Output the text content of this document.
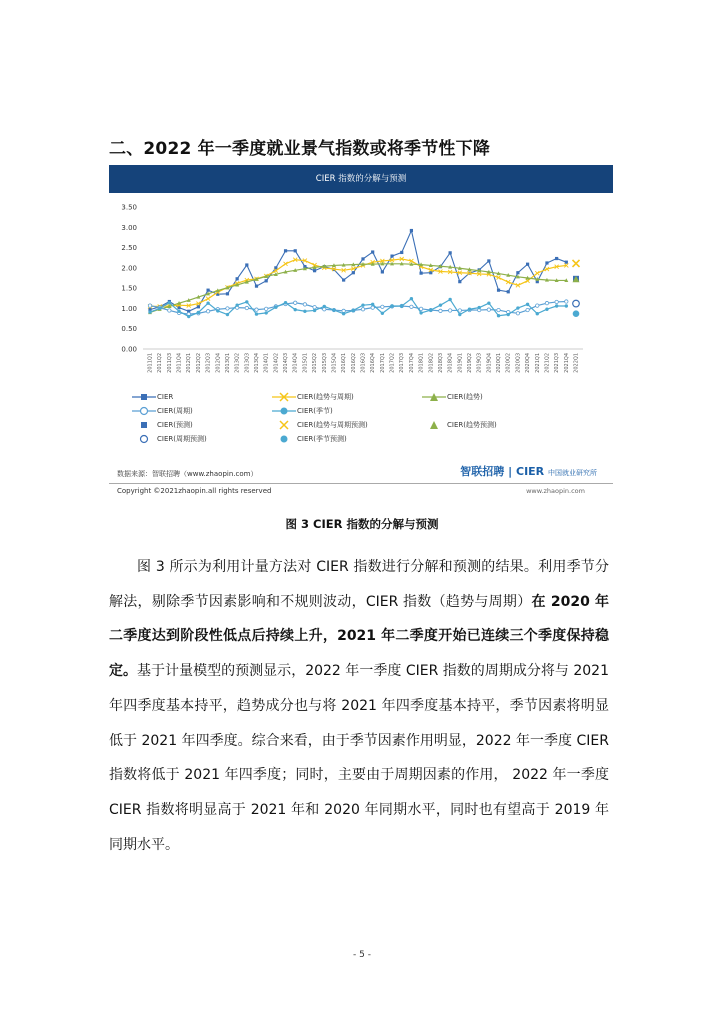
二、2022 年一季度就业景气指数或将季节性下降
CIER 指数的分解与预测
3.50
3.00
2.50
2.00
1.50
1.00
0.50
0.00
2011Q1 2011Q2 2011Q3 2011Q4 2012Q1 2012Q2 2012Q3 2012Q4 2013Q1 2013Q2 2013Q3 2013Q4 2014Q1 2014Q2 2014Q3 2014Q4 2015Q1 2015Q2 2015Q3 2015Q4 2016Q1 2016Q2 2016Q3 2016Q4 2017Q1 2017Q2 2017Q3 2017Q4 2018Q1 2018Q2 2018Q3 2018Q4 2019Q1 2019Q2 2019Q3 2019Q4 2020Q1 2020Q2 2020Q3 2020Q4 2021Q1 2021Q2 2021Q3 2021Q4 2022Q1
CIER	CIER(趋势与周期)	CIER(趋势)
CIER(周期)	CIER(季节)
CIER(预测)	CIER(趋势与周期预测)	CIER(趋势预测)
CIER(周期预测)	CIER(季节预测)
数据来源：智联招聘（www.zhaopin.com）	智联招聘 | CIER 中国就业研究所
Copyright ©2021zhaopin.all rights reserved	www.zhaopin.com
图 3 CIER 指数的分解与预测

图 3 所示为利用计量方法对 CIER 指数进行分解和预测的结果。利用季节分解法，剔除季节因素影响和不规则波动，CIER 指数（趋势与周期）在 2020 年二季度达到阶段性低点后持续上升，2021 年二季度开始已连续三个季度保持稳定。基于计量模型的预测显示，2022 年一季度 CIER 指数的周期成分将与 2021 年四季度基本持平，趋势成分也与将 2021 年四季度基本持平，季节因素将明显低于 2021 年四季度。综合来看，由于季节因素作用明显，2022 年一季度 CIER 指数将低于 2021 年四季度；同时，主要由于周期因素的作用， 2022 年一季度 CIER 指数将明显高于 2021 年和 2020 年同期水平，同时也有望高于 2019 年同期水平。

- 5 -
